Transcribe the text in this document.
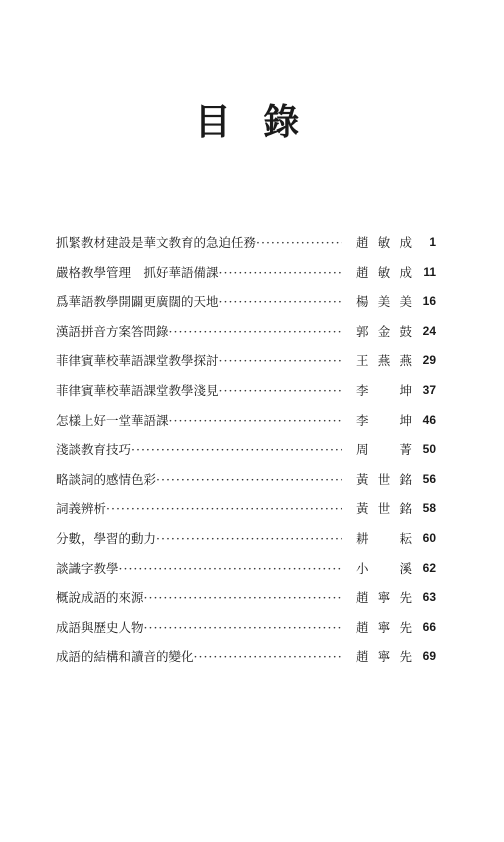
目 錄
抓緊教材建設是華文教育的急迫任務 ·····	趙敏成	1
嚴格教學管理　抓好華語備課 ·····	趙敏成 11
爲華語教學開闢更廣闊的天地 ·····	楊美美 16
漢語拼音方案答問錄 ·····	郭金鼓 24
菲律賓華校華語課堂教學探討 ·····	王燕燕 29
菲律賓華校華語課堂教學淺見 ·····	李　坤 37
怎樣上好一堂華語課 ·····	李　坤 46
淺談教育技巧 ·····	周　菁 50
略談詞的感情色彩 ·····	黃世銘 56
詞義辨析 ·····	黃世銘 58
分數，學習的動力 ·····	耕　耘 60
談識字教學 ·····	小　溪 62
概說成語的來源 ·····	趙寧先 63
成語與歷史人物 ·····	趙寧先 66
成語的結構和讀音的變化 ·····	趙寧先 69
